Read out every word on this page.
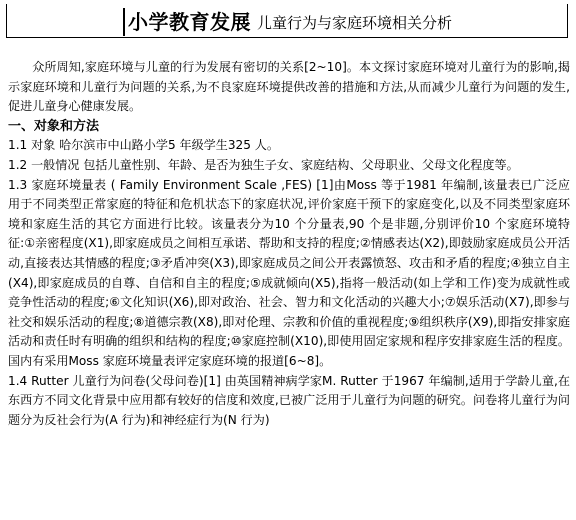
小学教育发展 儿童行为与家庭环境相关分析

众所周知,家庭环境与儿童的行为发展有密切的关系[2~10]。本文探讨家庭环境对儿童行为的影响,揭示家庭环境和儿童行为问题的关系,为不良家庭环境提供改善的措施和方法,从而减少儿童行为问题的发生,促进儿童身心健康发展。

一、对象和方法

1.1 对象 哈尔滨市中山路小学5 年级学生325 人。

1.2 一般情况 包括儿童性别、年龄、是否为独生子女、家庭结构、父母职业、父母文化程度等。

1.3 家庭环境量表 ( Family Environment Scale ,FES) [1]由Moss 等于1981 年编制,该量表已广泛应用于不同类型正常家庭的特征和危机状态下的家庭状况,评价家庭干预下的家庭变化,以及不同类型家庭环境和家庭生活的其它方面进行比较。该量表分为10 个分量表,90 个是非题,分别评价10 个家庭环境特征:①亲密程度(X1),即家庭成员之间相互承诺、帮助和支持的程度;②情感表达(X2),即鼓励家庭成员公开活动,直接表达其情感的程度;③矛盾冲突(X3),即家庭成员之间公开表露愤怒、攻击和矛盾的程度;④独立自主(X4),即家庭成员的自尊、自信和自主的程度;⑤成就倾向(X5),指将一般活动(如上学和工作)变为成就性或竞争性活动的程度;⑥文化知识(X6),即对政治、社会、智力和文化活动的兴趣大小;⑦娱乐活动(X7),即参与社交和娱乐活动的程度;⑧道德宗教(X8),即对伦理、宗教和价值的重视程度;⑨组织秩序(X9),即指安排家庭活动和责任时有明确的组织和结构的程度;⑩家庭控制(X10),即使用固定家规和程序安排家庭生活的程度。国内有采用Moss 家庭环境量表评定家庭环境的报道[6~8]。

1.4 Rutter 儿童行为问卷(父母问卷)[1] 由英国精神病学家M. Rutter 于1967 年编制,适用于学龄儿童,在东西方不同文化背景中应用都有较好的信度和效度,已被广泛用于儿童行为问题的研究。问卷将儿童行为问题分为反社会行为(A 行为)和神经症行为(N 行为)
